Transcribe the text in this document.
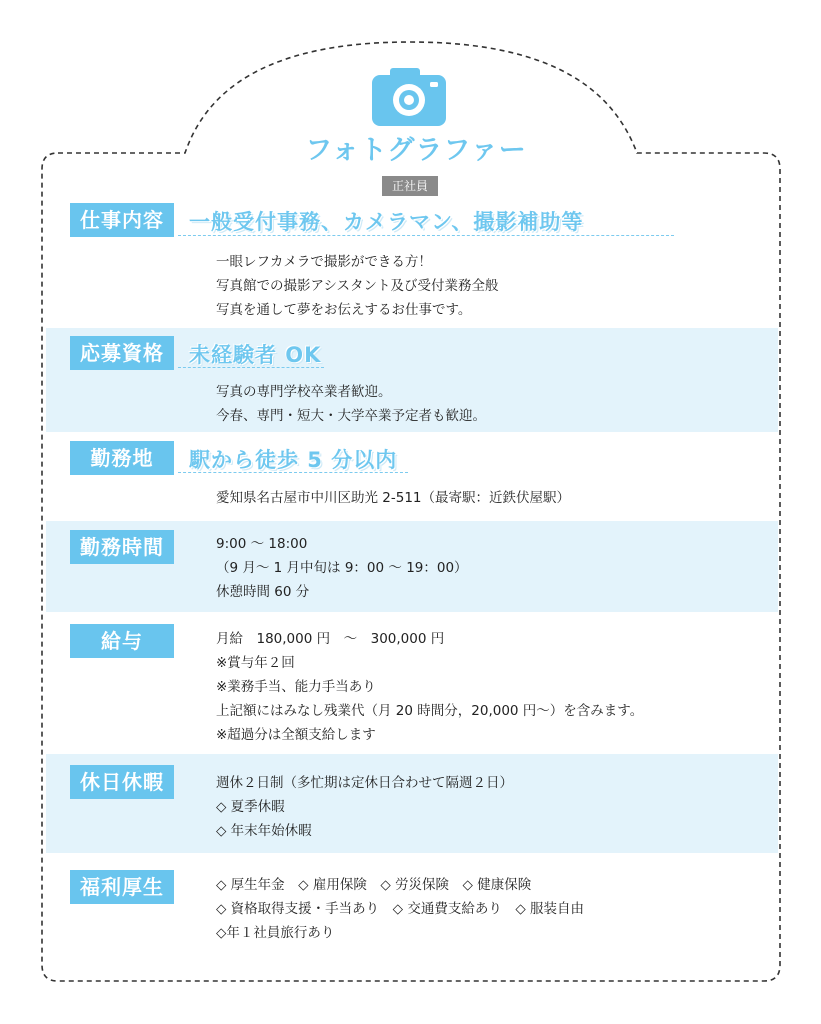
フォトグラファー
正社員
仕事内容	一般受付事務、カメラマン、撮影補助等
一眼レフカメラで撮影ができる方！
写真館での撮影アシスタント及び受付業務全般
写真を通して夢をお伝えするお仕事です。
応募資格	未経験者 OK
写真の専門学校卒業者歓迎。
今春、専門・短大・大学卒業予定者も歓迎。
勤務地	駅から徒歩 5 分以内
愛知県名古屋市中川区助光 2-511（最寄駅：近鉄伏屋駅）
勤務時間	9:00 ～ 18:00
（9 月～ 1 月中旬は 9：00 ～ 19：00）
休憩時間 60 分
給与	月給　180,000 円　～　300,000 円
※賞与年２回
※業務手当、能力手当あり
上記額にはみなし残業代（月 20 時間分，20,000 円～）を含みます。
※超過分は全額支給します
休日休暇	週休２日制（多忙期は定休日合わせて隔週２日）
◇ 夏季休暇
◇ 年末年始休暇
福利厚生	◇ 厚生年金　◇ 雇用保険　◇ 労災保険　◇ 健康保険
◇ 資格取得支援・手当あり　◇ 交通費支給あり　◇ 服装自由
◇年１社員旅行あり
